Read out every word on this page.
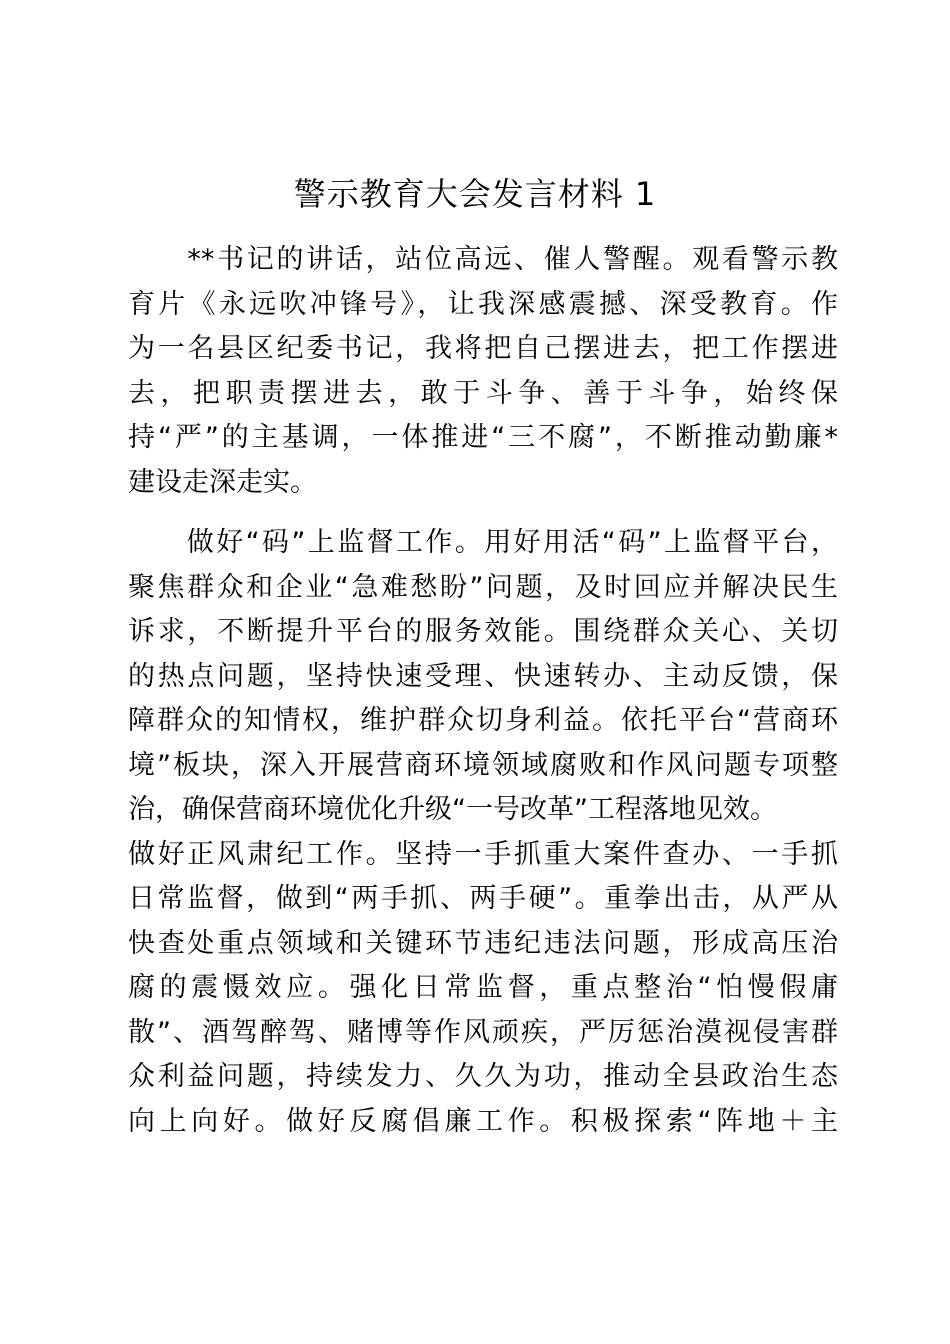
警示教育大会发言材料 1
　　**书记的讲话，站位高远、催人警醒。观看警示教
育片《永远吹冲锋号》，让我深感震撼、深受教育。作
为一名县区纪委书记，我将把自己摆进去，把工作摆进
去，把职责摆进去，敢于斗争、善于斗争，始终保
持“严”的主基调，一体推进“三不腐”，不断推动勤廉*
建设走深走实。
　　做好“码”上监督工作。用好用活“码”上监督平台，
聚焦群众和企业“急难愁盼”问题，及时回应并解决民生
诉求，不断提升平台的服务效能。围绕群众关心、关切
的热点问题，坚持快速受理、快速转办、主动反馈，保
障群众的知情权，维护群众切身利益。依托平台“营商环
境”板块，深入开展营商环境领域腐败和作风问题专项整
治，确保营商环境优化升级“一号改革”工程落地见效。
做好正风肃纪工作。坚持一手抓重大案件查办、一手抓
日常监督，做到“两手抓、两手硬”。重拳出击，从严从
快查处重点领域和关键环节违纪违法问题，形成高压治
腐的震慑效应。强化日常监督，重点整治“怕慢假庸
散”、酒驾醉驾、赌博等作风顽疾，严厉惩治漠视侵害群
众利益问题，持续发力、久久为功，推动全县政治生态
向上向好。做好反腐倡廉工作。积极探索“阵地＋主
